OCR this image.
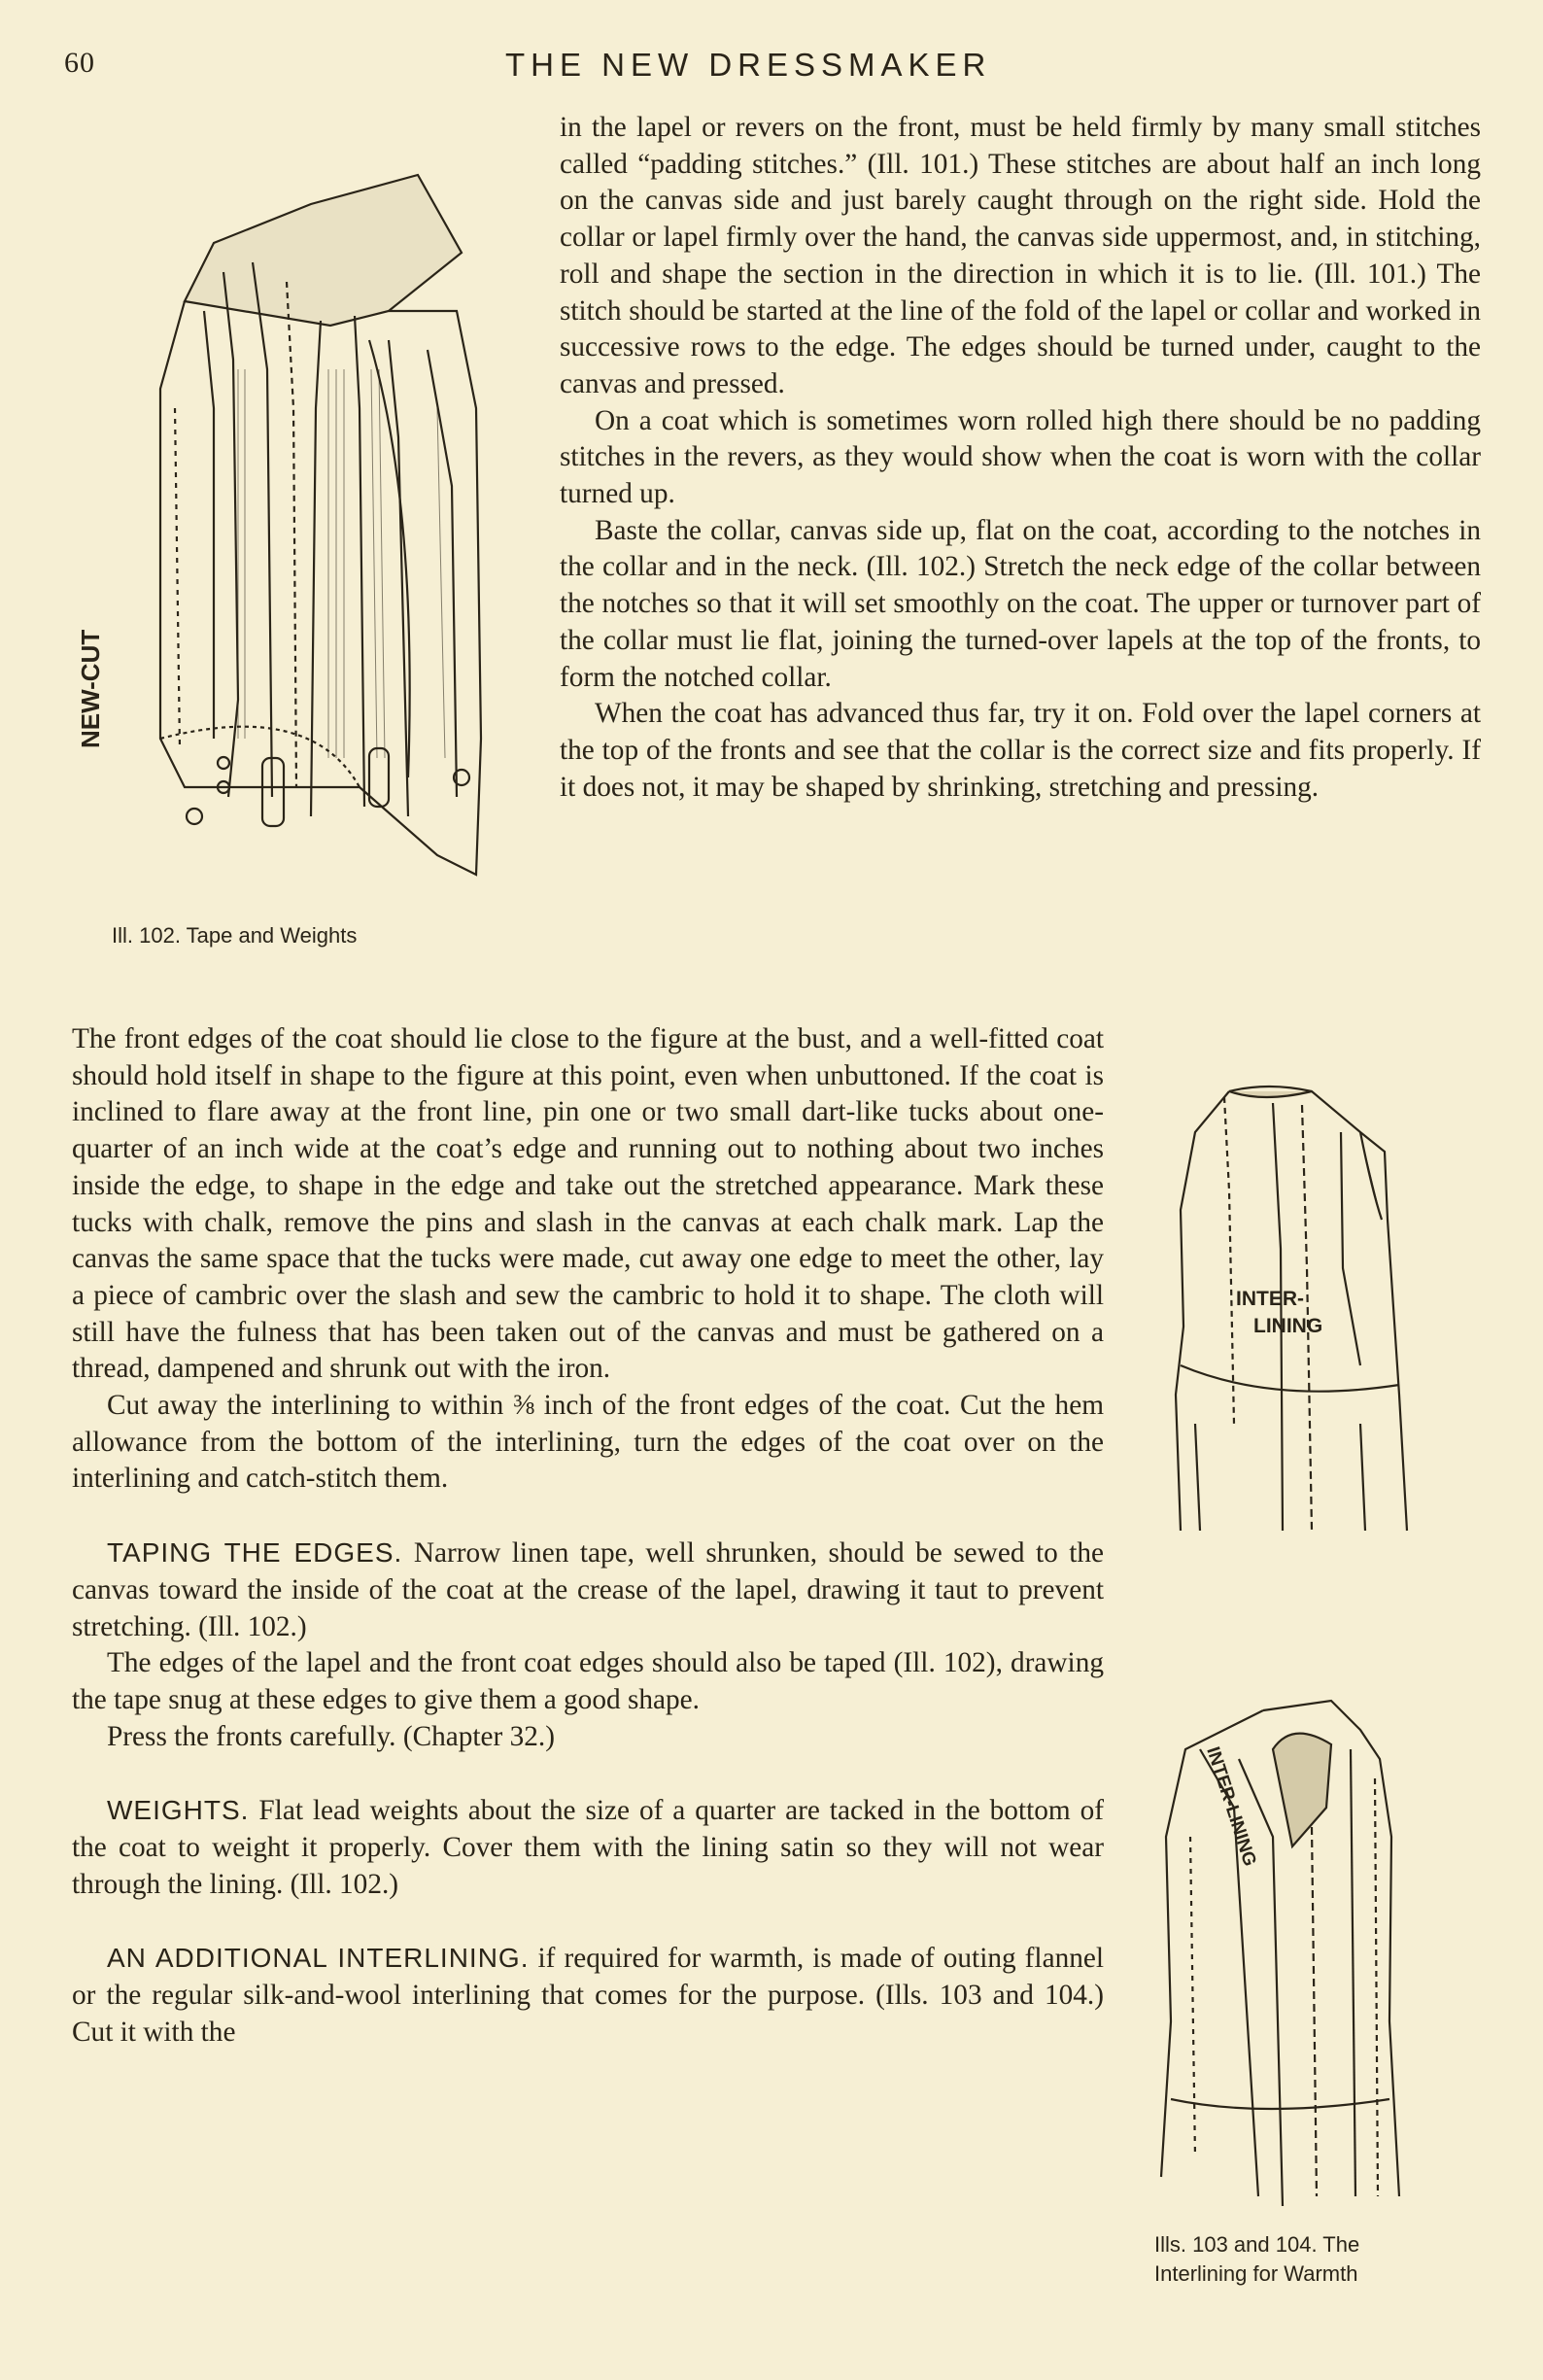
60	THE NEW DRESSMAKER
NEW-CUT
Ill. 102. Tape and Weights

in the lapel or revers on the front, must be held firmly by many small stitches called “padding stitches.” (Ill. 101.) These stitches are about half an inch long on the canvas side and just barely caught through on the right side. Hold the collar or lapel firmly over the hand, the canvas side uppermost, and, in stitching, roll and shape the section in the direction in which it is to lie. (Ill. 101.) The stitch should be started at the line of the fold of the lapel or collar and worked in successive rows to the edge. The edges should be turned under, caught to the canvas and pressed.

On a coat which is sometimes worn rolled high there should be no padding stitches in the revers, as they would show when the coat is worn with the collar turned up.

Baste the collar, canvas side up, flat on the coat, according to the notches in the collar and in the neck. (Ill. 102.) Stretch the neck edge of the collar between the notches so that it will set smoothly on the coat. The upper or turnover part of the collar must lie flat, joining the turned-over lapels at the top of the fronts, to form the notched collar.

When the coat has advanced thus far, try it on. Fold over the lapel corners at the top of the fronts and see that the collar is the correct size and fits properly. If it does not, it may be shaped by shrinking, stretching and pressing.

The front edges of the coat should lie close to the figure at the bust, and a well-fitted coat should hold itself in shape to the figure at this point, even when unbuttoned. If the coat is inclined to flare away at the front line, pin one or two small dart-like tucks about one-quarter of an inch wide at the coat’s edge and running out to nothing about two inches inside the edge, to shape in the edge and take out the stretched appearance. Mark these tucks with chalk, remove the pins and slash in the canvas at each chalk mark. Lap the canvas the same space that the tucks were made, cut away one edge to meet the other, lay a piece of cambric over the slash and sew the cambric to hold it to shape. The cloth will still have the fulness that has been taken out of the canvas and must be gathered on a thread, dampened and shrunk out with the iron.

Cut away the interlining to within ⅜ inch of the front edges of the coat. Cut the hem allowance from the bottom of the interlining, turn the edges of the coat over on the interlining and catch-stitch them.

TAPING THE EDGES. Narrow linen tape, well shrunken, should be sewed to the canvas toward the inside of the coat at the crease of the lapel, drawing it taut to prevent stretching. (Ill. 102.)

The edges of the lapel and the front coat edges should also be taped (Ill. 102), drawing the tape snug at these edges to give them a good shape.

Press the fronts carefully. (Chapter 32.)

WEIGHTS. Flat lead weights about the size of a quarter are tacked in the bottom of the coat to weight it properly. Cover them with the lining satin so they will not wear through the lining. (Ill. 102.)

AN ADDITIONAL INTERLINING. if required for warmth, is made of outing flannel or the regular silk-and-wool interlining that comes for the purpose. (Ills. 103 and 104.) Cut it with the

INTER-
LINING
INTER-LINING
Ills. 103 and 104. The
Interlining for Warmth
